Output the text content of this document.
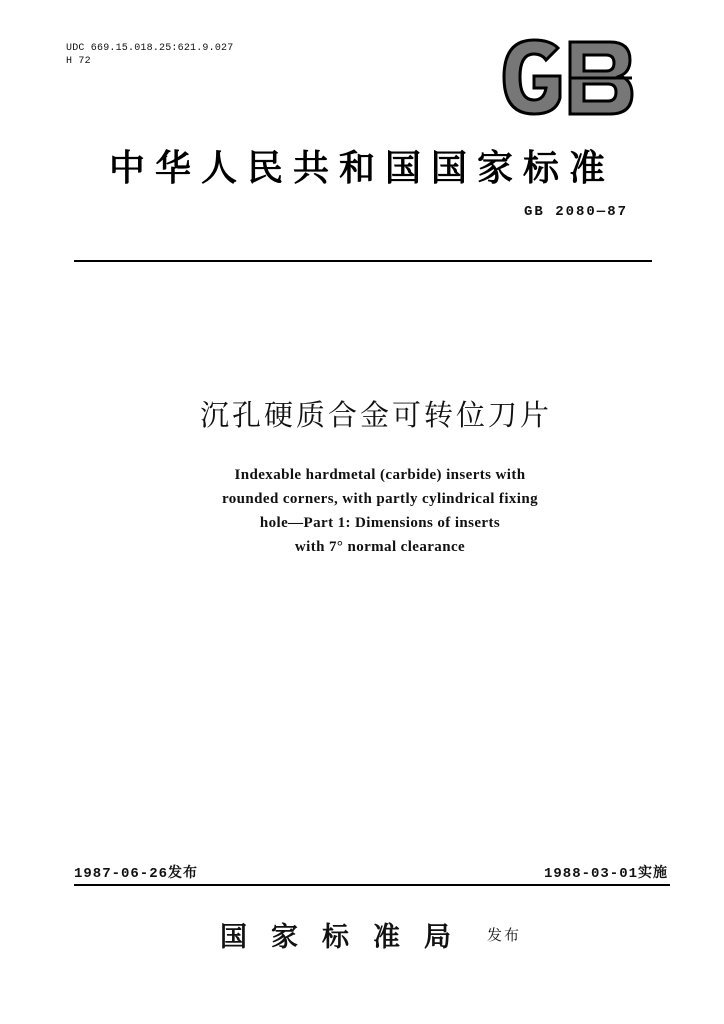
UDC 669.15.018.25:621.9.027
H 72
中华人民共和国国家标准
GB 2080—87
沉孔硬质合金可转位刀片
Indexable hardmetal (carbide) inserts with
rounded corners, with partly cylindrical fixing
hole—Part 1: Dimensions of inserts
with 7° normal clearance
1987-06-26发布	1988-03-01实施
国家标准局 发布
